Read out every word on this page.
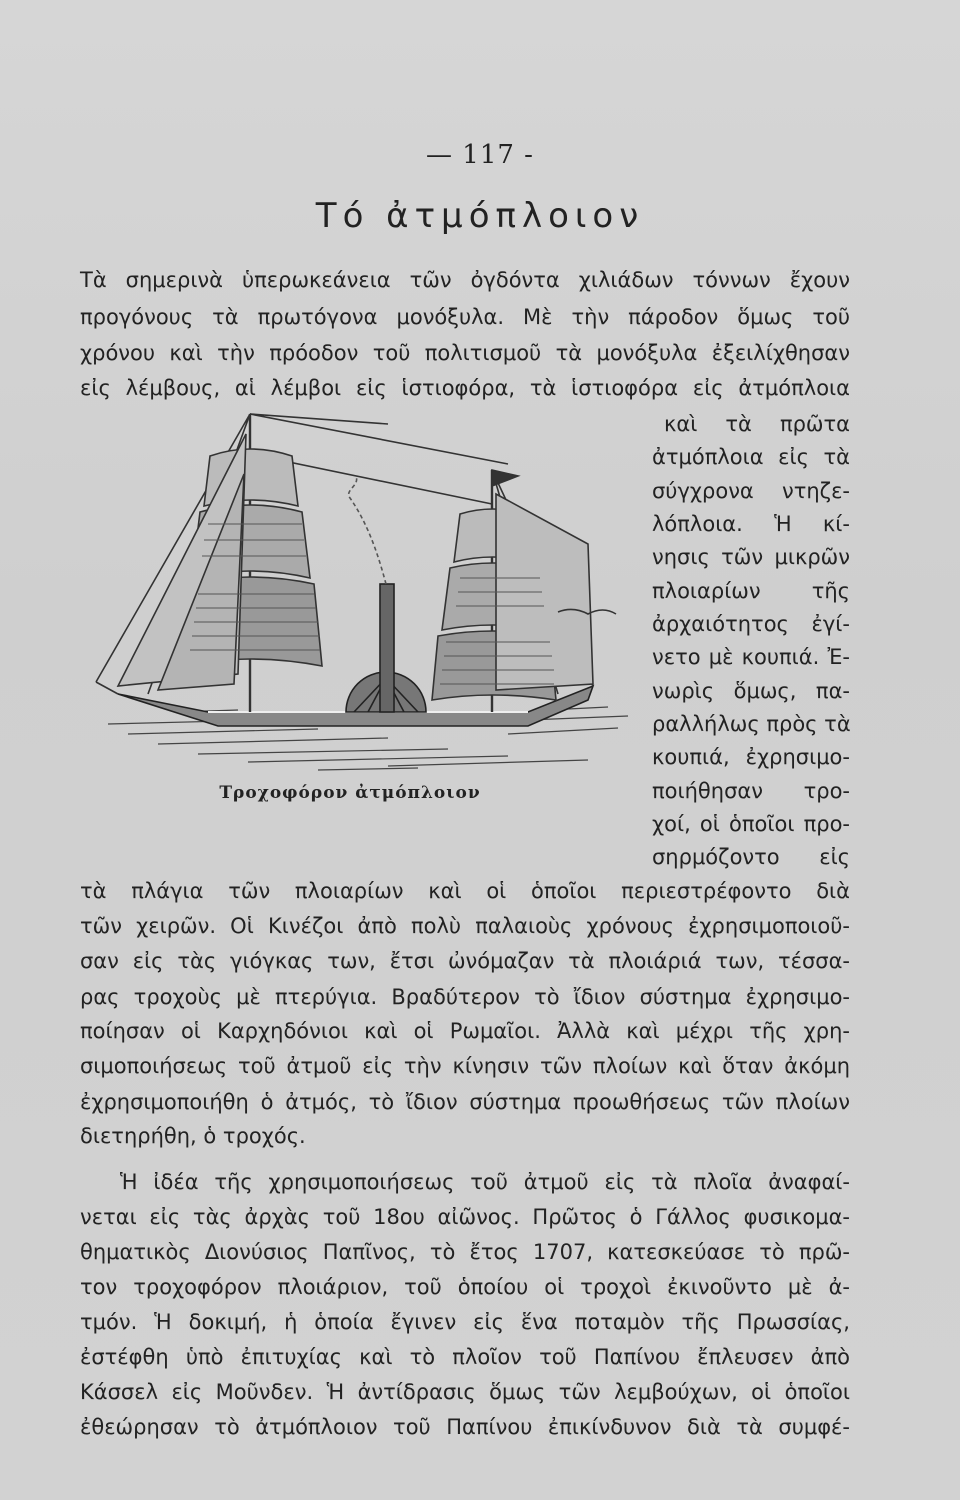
— 117 -
Τό ἀτμόπλοιον
Τὰ σημερινὰ ὑπερωκεάνεια τῶν ὀγδόντα χιλιάδων τόννων ἔχουν
προγόνους τὰ πρωτόγονα μονόξυλα. Μὲ τὴν πάροδον ὅμως τοῦ
χρόνου καὶ τὴν πρόοδον τοῦ πολιτισμοῦ τὰ μονόξυλα ἐξειλίχθησαν
εἰς λέμβους, αἱ λέμβοι εἰς ἱστιοφόρα, τὰ ἱστιοφόρα εἰς ἀτμόπλοια
καὶ τὰ πρῶτα
ἀτμόπλοια εἰς τὰ
σύγχρονα ντηζε-
λόπλοια. Ἡ κί-
νησις τῶν μικρῶν
πλοιαρίων τῆς
ἀρχαιότητος ἐγί-
νετο μὲ κουπιά. Ἐ-
νωρὶς ὅμως, πα-
ραλλήλως πρὸς τὰ
κουπιά, ἐχρησιμο-
ποιήθησαν τρο-
χοί, οἱ ὁποῖοι προ-
σηρμόζοντο εἰς
Τροχοφόρον ἀτμόπλοιον
τὰ πλάγια τῶν πλοιαρίων καὶ οἱ ὁποῖοι περιεστρέφοντο διὰ
τῶν χειρῶν. Οἱ Κινέζοι ἀπὸ πολὺ παλαιοὺς χρόνους ἐχρησιμοποιοῦ-
σαν εἰς τὰς γιόγκας των, ἔτσι ὠνόμαζαν τὰ πλοιάριά των, τέσσα-
ρας τροχοὺς μὲ πτερύγια. Βραδύτερον τὸ ἴδιον σύστημα ἐχρησιμο-
ποίησαν οἱ Καρχηδόνιοι καὶ οἱ Ρωμαῖοι. Ἀλλὰ καὶ μέχρι τῆς χρη-
σιμοποιήσεως τοῦ ἀτμοῦ εἰς τὴν κίνησιν τῶν πλοίων καὶ ὅταν ἀκόμη
ἐχρησιμοποιήθη ὁ ἀτμός, τὸ ἴδιον σύστημα προωθήσεως τῶν πλοίων
διετηρήθη, ὁ τροχός.
Ἡ ἰδέα τῆς χρησιμοποιήσεως τοῦ ἀτμοῦ εἰς τὰ πλοῖα ἀναφαί-
νεται εἰς τὰς ἀρχὰς τοῦ 18ου αἰῶνος. Πρῶτος ὁ Γάλλος φυσικομα-
θηματικὸς Διονύσιος Παπῖνος, τὸ ἔτος 1707, κατεσκεύασε τὸ πρῶ-
τον τροχοφόρον πλοιάριον, τοῦ ὁποίου οἱ τροχοὶ ἐκινοῦντο μὲ ἀ-
τμόν. Ἡ δοκιμή, ἡ ὁποία ἔγινεν εἰς ἕνα ποταμὸν τῆς Πρωσσίας,
ἐστέφθη ὑπὸ ἐπιτυχίας καὶ τὸ πλοῖον τοῦ Παπίνου ἔπλευσεν ἀπὸ
Κάσσελ εἰς Μοῦνδεν. Ἡ ἀντίδρασις ὅμως τῶν λεμβούχων, οἱ ὁποῖοι
ἐθεώρησαν τὸ ἀτμόπλοιον τοῦ Παπίνου ἐπικίνδυνον διὰ τὰ συμφέ-
